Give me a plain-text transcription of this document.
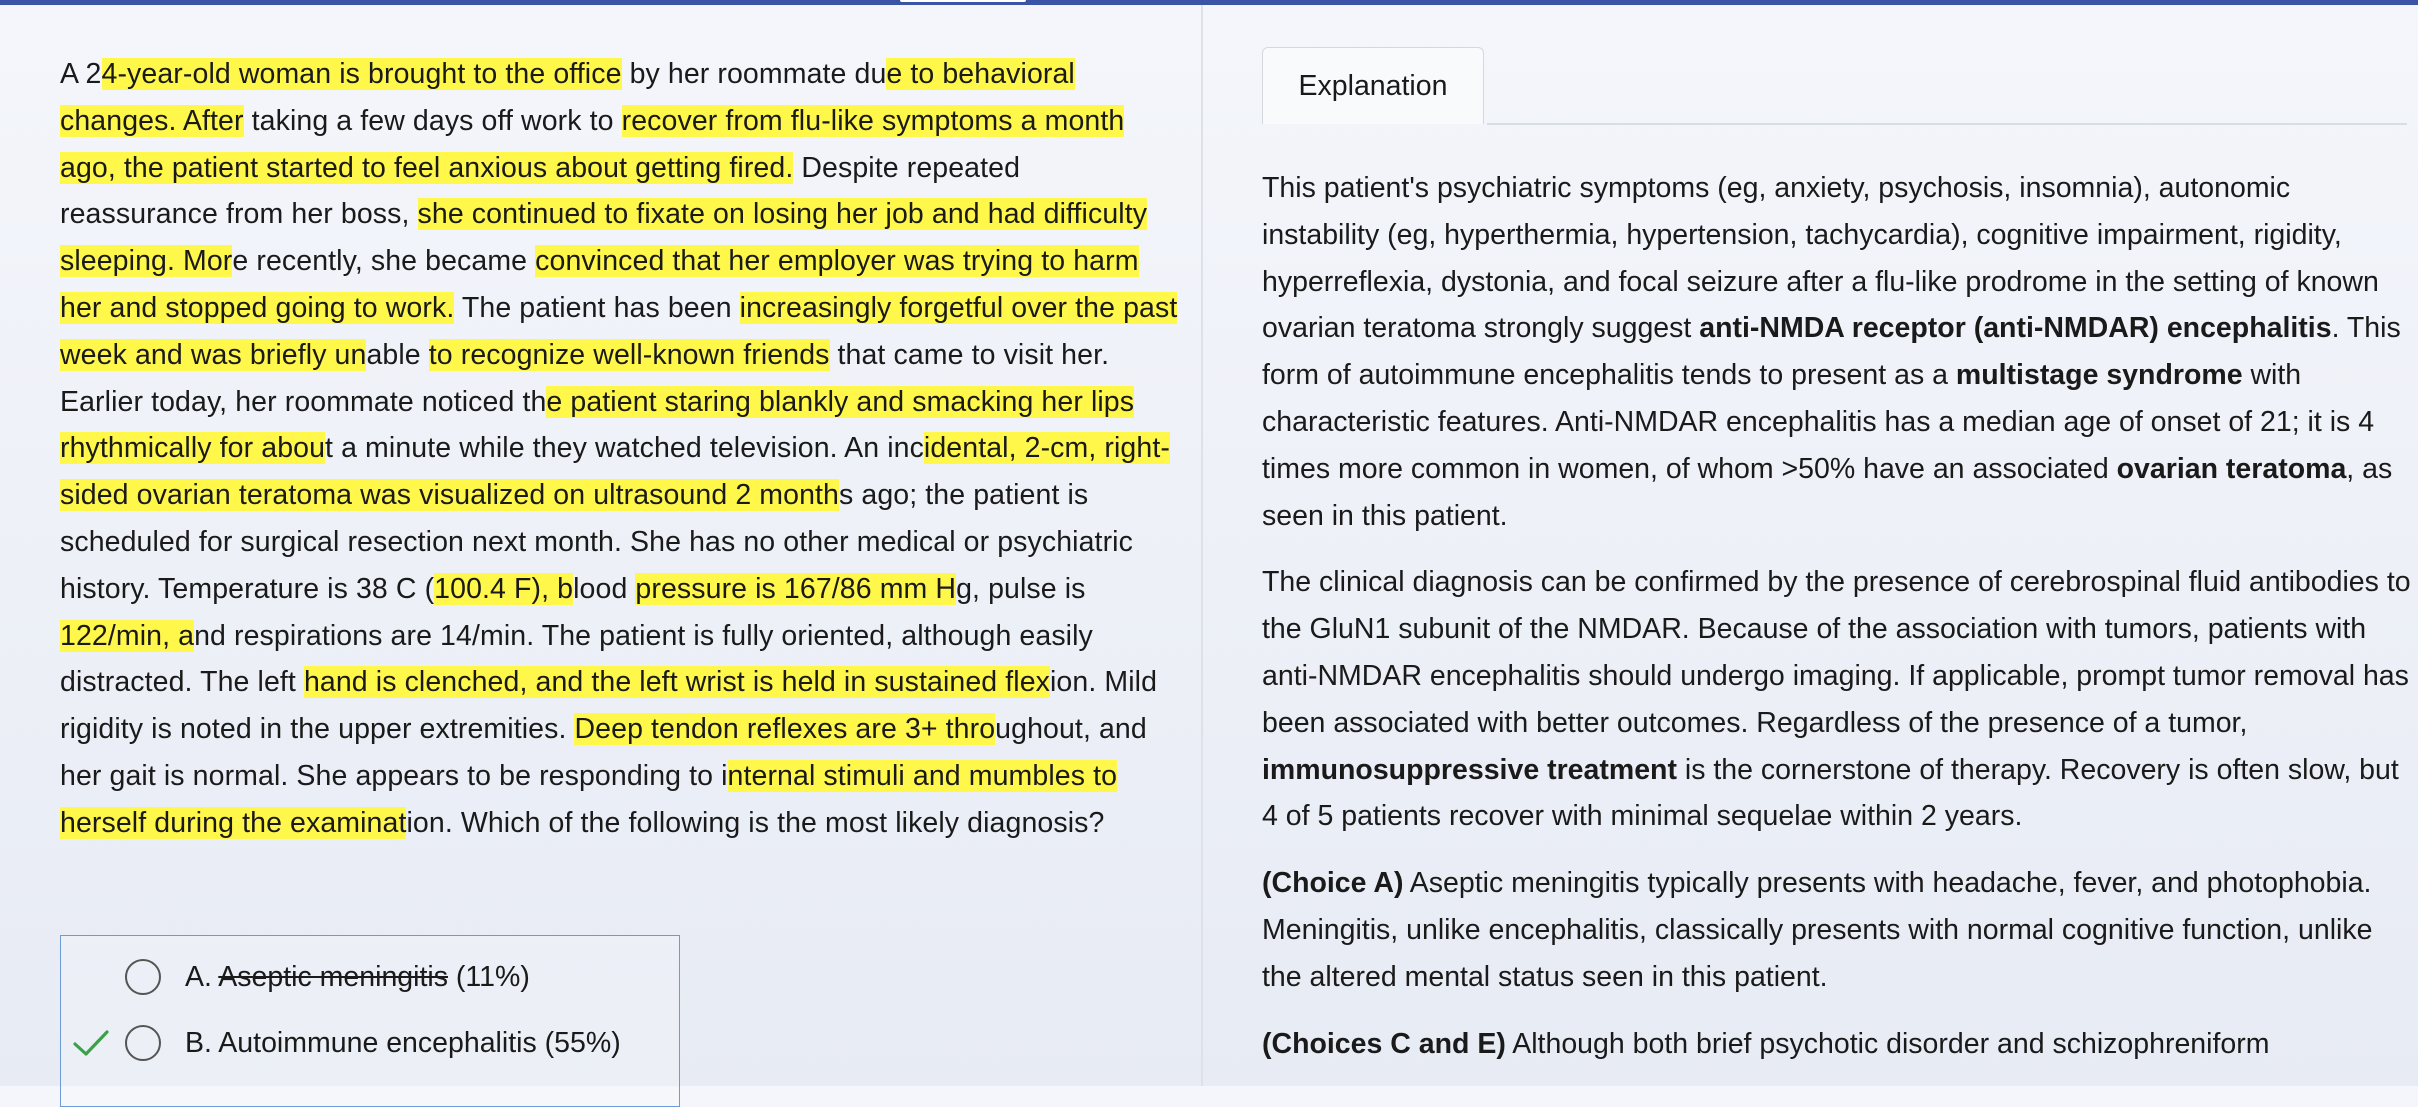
A 24-year-old woman is brought to the office by her roommate due to behavioral changes. After taking a few days off work to recover from flu-like symptoms a month ago, the patient started to feel anxious about getting fired. Despite repeated reassurance from her boss, she continued to fixate on losing her job and had difficulty sleeping. More recently, she became convinced that her employer was trying to harm her and stopped going to work. The patient has been increasingly forgetful over the past week and was briefly unable to recognize well-known friends that came to visit her. Earlier today, her roommate noticed the patient staring blankly and smacking her lips rhythmically for about a minute while they watched television. An incidental, 2-cm, right-sided ovarian teratoma was visualized on ultrasound 2 months ago; the patient is scheduled for surgical resection next month. She has no other medical or psychiatric history. Temperature is 38 C (100.4 F), blood pressure is 167/86 mm Hg, pulse is 122/min, and respirations are 14/min. The patient is fully oriented, although easily distracted. The left hand is clenched, and the left wrist is held in sustained flexion. Mild rigidity is noted in the upper extremities. Deep tendon reflexes are 3+ throughout, and her gait is normal. She appears to be responding to internal stimuli and mumbles to herself during the examination. Which of the following is the most likely diagnosis?
A. Aseptic meningitis (11%)
B. Autoimmune encephalitis (55%)
Explanation

This patient's psychiatric symptoms (eg, anxiety, psychosis, insomnia), autonomic instability (eg, hyperthermia, hypertension, tachycardia), cognitive impairment, rigidity, hyperreflexia, dystonia, and focal seizure after a flu-like prodrome in the setting of known ovarian teratoma strongly suggest anti-NMDA receptor (anti-NMDAR) encephalitis. This form of autoimmune encephalitis tends to present as a multistage syndrome with characteristic features. Anti-NMDAR encephalitis has a median age of onset of 21; it is 4 times more common in women, of whom >50% have an associated ovarian teratoma, as seen in this patient.

The clinical diagnosis can be confirmed by the presence of cerebrospinal fluid antibodies to the GluN1 subunit of the NMDAR. Because of the association with tumors, patients with anti-NMDAR encephalitis should undergo imaging. If applicable, prompt tumor removal has been associated with better outcomes. Regardless of the presence of a tumor, immunosuppressive treatment is the cornerstone of therapy. Recovery is often slow, but 4 of 5 patients recover with minimal sequelae within 2 years.

(Choice A) Aseptic meningitis typically presents with headache, fever, and photophobia. Meningitis, unlike encephalitis, classically presents with normal cognitive function, unlike the altered mental status seen in this patient.

(Choices C and E) Although both brief psychotic disorder and schizophreniform
